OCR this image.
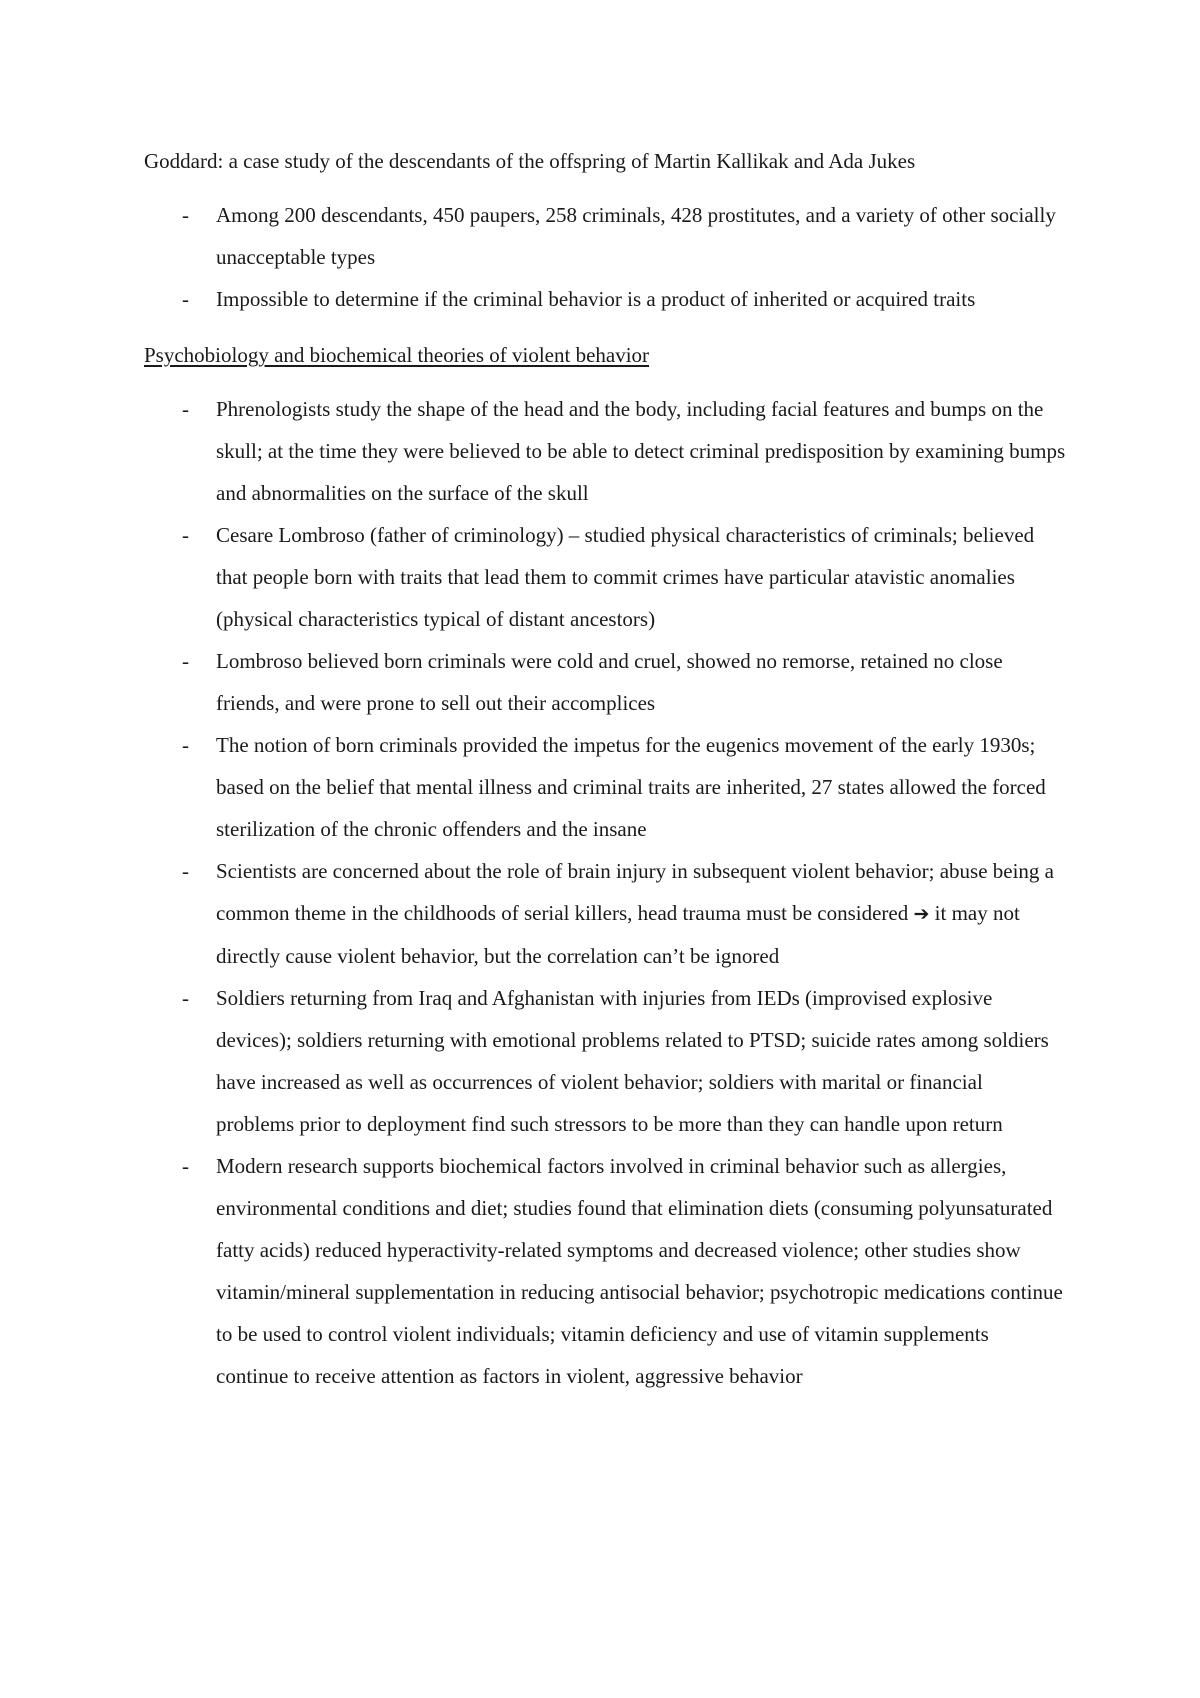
Goddard: a case study of the descendants of the offspring of Martin Kallikak and Ada Jukes

- Among 200 descendants, 450 paupers, 258 criminals, 428 prostitutes, and a variety of other socially unacceptable types
- Impossible to determine if the criminal behavior is a product of inherited or acquired traits

Psychobiology and biochemical theories of violent behavior

- Phrenologists study the shape of the head and the body, including facial features and bumps on the skull; at the time they were believed to be able to detect criminal predisposition by examining bumps and abnormalities on the surface of the skull
- Cesare Lombroso (father of criminology) – studied physical characteristics of criminals; believed that people born with traits that lead them to commit crimes have particular atavistic anomalies (physical characteristics typical of distant ancestors)
- Lombroso believed born criminals were cold and cruel, showed no remorse, retained no close friends, and were prone to sell out their accomplices
- The notion of born criminals provided the impetus for the eugenics movement of the early 1930s; based on the belief that mental illness and criminal traits are inherited, 27 states allowed the forced sterilization of the chronic offenders and the insane
- Scientists are concerned about the role of brain injury in subsequent violent behavior; abuse being a common theme in the childhoods of serial killers, head trauma must be considered ➔ it may not directly cause violent behavior, but the correlation can’t be ignored
- Soldiers returning from Iraq and Afghanistan with injuries from IEDs (improvised explosive devices); soldiers returning with emotional problems related to PTSD; suicide rates among soldiers have increased as well as occurrences of violent behavior; soldiers with marital or financial problems prior to deployment find such stressors to be more than they can handle upon return
- Modern research supports biochemical factors involved in criminal behavior such as allergies, environmental conditions and diet; studies found that elimination diets (consuming polyunsaturated fatty acids) reduced hyperactivity-related symptoms and decreased violence; other studies show vitamin/mineral supplementation in reducing antisocial behavior; psychotropic medications continue to be used to control violent individuals; vitamin deficiency and use of vitamin supplements continue to receive attention as factors in violent, aggressive behavior
